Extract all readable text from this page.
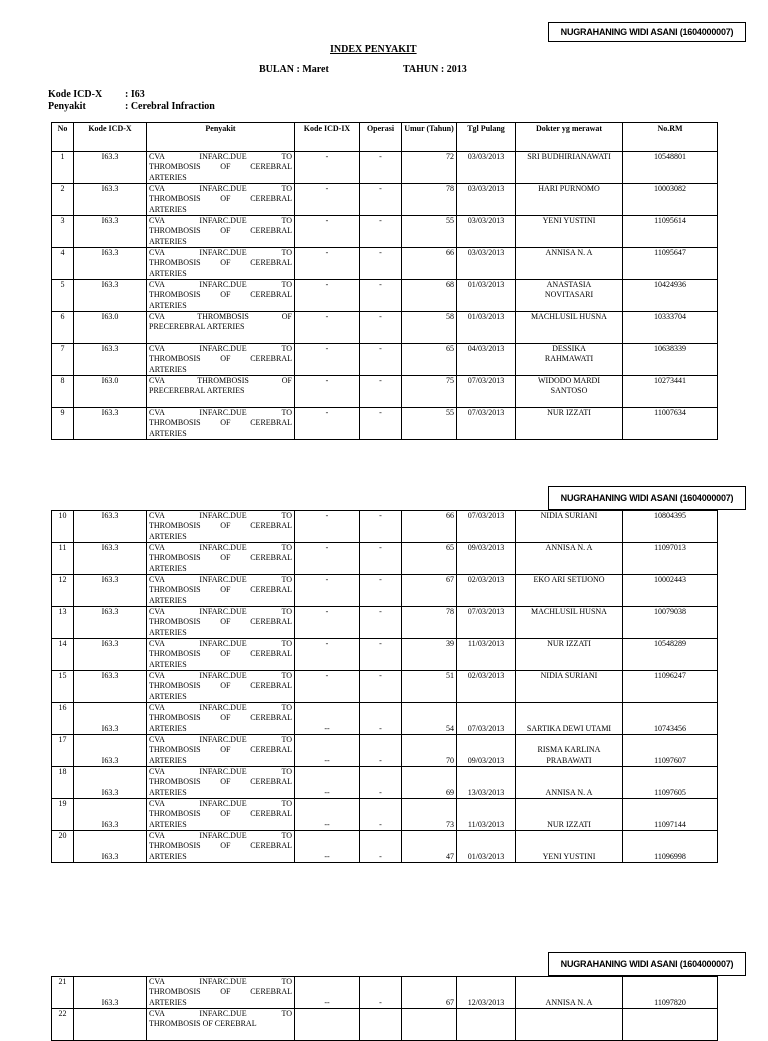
NUGRAHANING WIDI ASANI (1604000007)
INDEX PENYAKIT
BULAN : Maret	TAHUN : 2013
Kode ICD-X : I63
Penyakit	: Cerebral Infraction
No	Kode ICD-X	Penyakit	Kode ICD-IX	Operasi	Umur (Tahun)	Tgl Pulang	Dokter yg merawat	No.RM
1	I63.3	CVA INFARC.DUE TO
THROMBOSIS OF CEREBRAL
ARTERIES	-	-	72	03/03/2013	SRI BUDHIRIANAWATI	10548801
2	I63.3	CVA INFARC.DUE TO
THROMBOSIS OF CEREBRAL
ARTERIES	-	-	78	03/03/2013	HARI PURNOMO	10003082
3	I63.3	CVA INFARC.DUE TO
THROMBOSIS OF CEREBRAL
ARTERIES	-	-	55	03/03/2013	YENI YUSTINI	11095614
4	I63.3	CVA INFARC.DUE TO
THROMBOSIS OF CEREBRAL
ARTERIES	-	-	66	03/03/2013	ANNISA N. A	11095647
5	I63.3	CVA INFARC.DUE TO
THROMBOSIS OF CEREBRAL
ARTERIES	-	-	68	01/03/2013	ANASTASIA
NOVITASARI	10424936
6	I63.0	CVA THROMBOSIS OF
PRECEREBRAL ARTERIES	-	-	58	01/03/2013	MACHLUSIL HUSNA	10333704
7	I63.3	CVA INFARC.DUE TO
THROMBOSIS OF CEREBRAL
ARTERIES	-	-	65	04/03/2013	DESSIKA
RAHMAWATI	10638339
8	I63.0	CVA THROMBOSIS OF
PRECEREBRAL ARTERIES	-	-	75	07/03/2013	WIDODO MARDI
SANTOSO	10273441
9	I63.3	CVA INFARC.DUE TO
THROMBOSIS OF CEREBRAL
ARTERIES	-	-	55	07/03/2013	NUR IZZATI	11007634
NUGRAHANING WIDI ASANI (1604000007)
10	I63.3	CVA INFARC.DUE TO
THROMBOSIS OF CEREBRAL
ARTERIES	-	-	66	07/03/2013	NIDIA SURIANI	10804395
11	I63.3	CVA INFARC.DUE TO
THROMBOSIS OF CEREBRAL
ARTERIES	-	-	65	09/03/2013	ANNISA N. A	11097013
12	I63.3	CVA INFARC.DUE TO
THROMBOSIS OF CEREBRAL
ARTERIES	-	-	67	02/03/2013	EKO ARI SETIJONO	10002443
13	I63.3	CVA INFARC.DUE TO
THROMBOSIS OF CEREBRAL
ARTERIES	-	-	78	07/03/2013	MACHLUSIL HUSNA	10079038
14	I63.3	CVA INFARC.DUE TO
THROMBOSIS OF CEREBRAL
ARTERIES	-	-	39	11/03/2013	NUR IZZATI	10548289
15	I63.3	CVA INFARC.DUE TO
THROMBOSIS OF CEREBRAL
ARTERIES	-	-	51	02/03/2013	NIDIA SURIANI	11096247
16	I63.3	CVA INFARC.DUE TO
THROMBOSIS OF CEREBRAL
ARTERIES	--	-	54	07/03/2013	SARTIKA DEWI UTAMI	10743456
17	I63.3	CVA INFARC.DUE TO
THROMBOSIS OF CEREBRAL
ARTERIES	--	-	70	09/03/2013	RISMA KARLINA
PRABAWATI	11097607
18	I63.3	CVA INFARC.DUE TO
THROMBOSIS OF CEREBRAL
ARTERIES	--	-	69	13/03/2013	ANNISA N. A	11097605
19	I63.3	CVA INFARC.DUE TO
THROMBOSIS OF CEREBRAL
ARTERIES	--	-	73	11/03/2013	NUR IZZATI	11097144
20	I63.3	CVA INFARC.DUE TO
THROMBOSIS OF CEREBRAL
ARTERIES	--	-	47	01/03/2013	YENI YUSTINI	11096998
NUGRAHANING WIDI ASANI (1604000007)
21	I63.3	CVA INFARC.DUE TO
THROMBOSIS OF CEREBRAL
ARTERIES	--	-	67	12/03/2013	ANNISA N. A	11097820
22		CVA INFARC.DUE TO
THROMBOSIS OF CEREBRAL						
